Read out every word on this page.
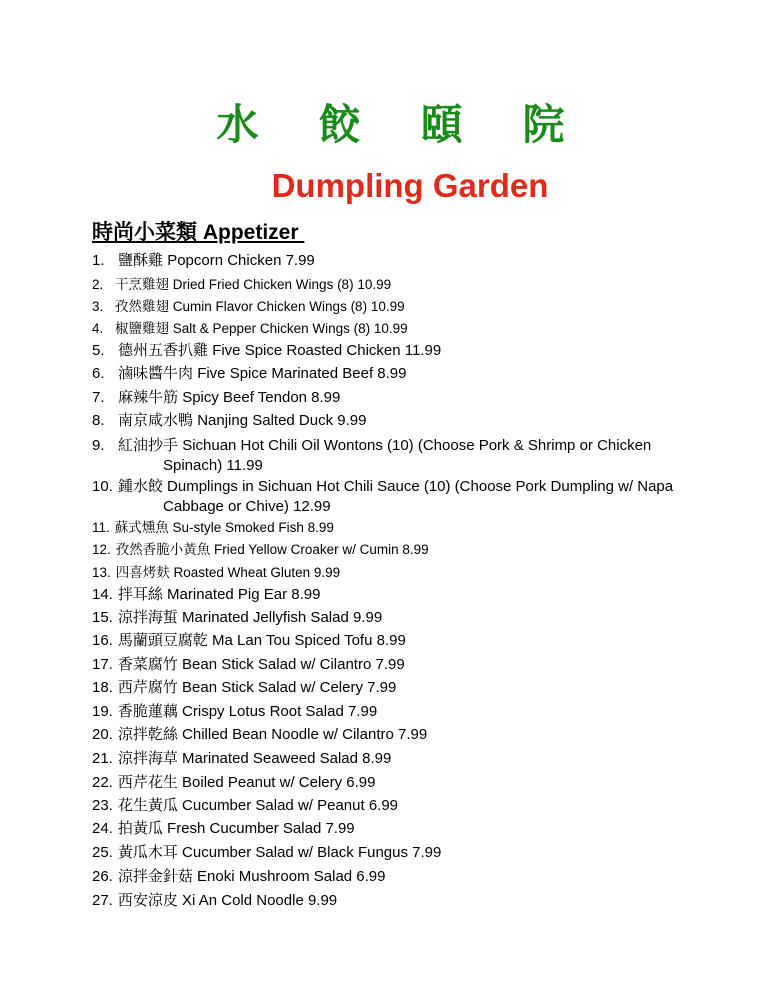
水 餃 頤 院
Dumpling Garden
時尚小菜類 Appetizer
1. 鹽酥雞 Popcorn Chicken 7.99
2. 干烹雞翅 Dried Fried Chicken Wings (8) 10.99
3. 孜然雞翅 Cumin Flavor Chicken Wings (8) 10.99
4. 椒鹽雞翅 Salt & Pepper Chicken Wings (8) 10.99
5. 德州五香扒雞 Five Spice Roasted Chicken 11.99
6. 滷味醬牛肉 Five Spice Marinated Beef 8.99
7. 麻辣牛筋 Spicy Beef Tendon 8.99
8. 南京咸水鴨 Nanjing Salted Duck 9.99
9. 紅油抄手 Sichuan Hot Chili Oil Wontons (10) (Choose Pork & Shrimp or Chicken
Spinach) 11.99
10. 鍾水餃 Dumplings in Sichuan Hot Chili Sauce (10) (Choose Pork Dumpling w/ Napa
Cabbage or Chive) 12.99
11. 蘇式燻魚 Su-style Smoked Fish 8.99
12. 孜然香脆小黃魚 Fried Yellow Croaker w/ Cumin 8.99
13. 四喜烤麸 Roasted Wheat Gluten 9.99
14. 拌耳絲 Marinated Pig Ear 8.99
15. 涼拌海蜇 Marinated Jellyfish Salad 9.99
16. 馬蘭頭豆腐乾 Ma Lan Tou Spiced Tofu 8.99
17. 香菜腐竹 Bean Stick Salad w/ Cilantro 7.99
18. 西芹腐竹 Bean Stick Salad w/ Celery 7.99
19. 香脆蓮藕 Crispy Lotus Root Salad 7.99
20. 涼拌乾絲 Chilled Bean Noodle w/ Cilantro 7.99
21. 涼拌海草 Marinated Seaweed Salad 8.99
22. 西芹花生 Boiled Peanut w/ Celery 6.99
23. 花生黃瓜 Cucumber Salad w/ Peanut 6.99
24. 拍黃瓜 Fresh Cucumber Salad 7.99
25. 黃瓜木耳 Cucumber Salad w/ Black Fungus 7.99
26. 涼拌金針菇 Enoki Mushroom Salad 6.99
27. 西安涼皮 Xi An Cold Noodle 9.99
